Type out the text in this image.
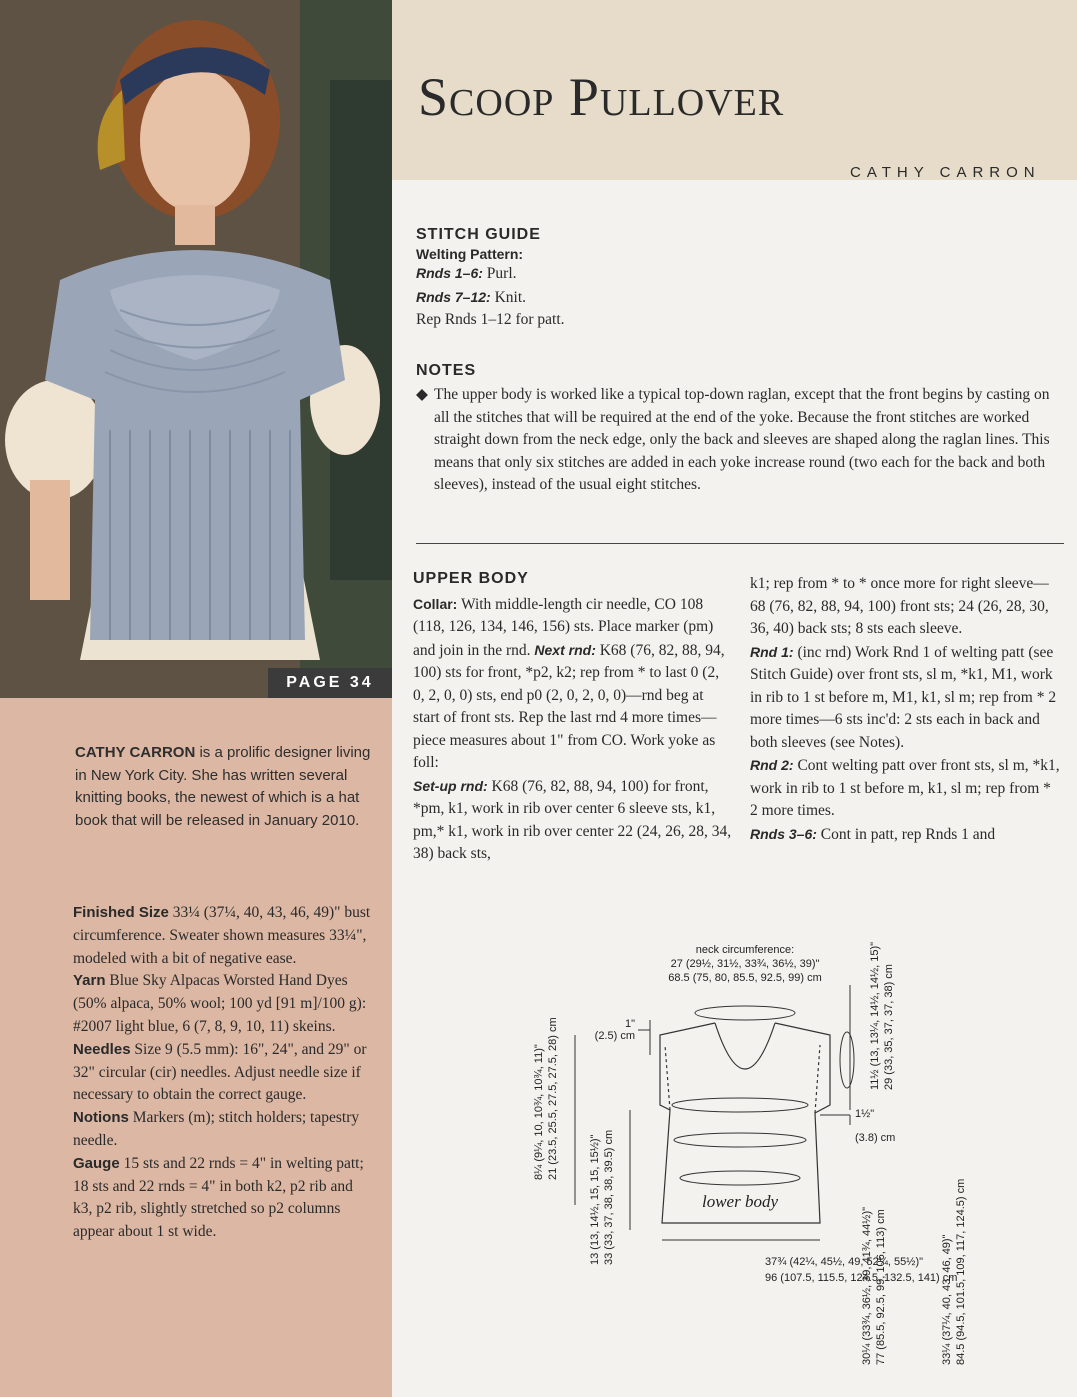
PAGE 34
Scoop Pullover
CATHY CARRON
STITCH GUIDE
Welting Pattern:
Rnds 1–6: Purl.
Rnds 7–12: Knit.
Rep Rnds 1–12 for patt.
NOTES
◆ The upper body is worked like a typical top-down raglan, except that the front begins by casting on all the stitches that will be required at the end of the yoke. Because the front stitches are worked straight down from the neck edge, only the back and sleeves are shaped along the raglan lines. This means that only six stitches are added in each yoke increase round (two each for the back and both sleeves), instead of the usual eight stitches.
UPPER BODY
Collar: With middle-length cir needle, CO 108 (118, 126, 134, 146, 156) sts. Place marker (pm) and join in the rnd. Next rnd: K68 (76, 82, 88, 94, 100) sts for front, *p2, k2; rep from * to last 0 (2, 0, 2, 0, 0) sts, end p0 (2, 0, 2, 0, 0)—rnd beg at start of front sts. Rep the last rnd 4 more times—piece measures about 1" from CO. Work yoke as foll:
Set-up rnd: K68 (76, 82, 88, 94, 100) for front, *pm, k1, work in rib over center 6 sleeve sts, k1, pm,* k1, work in rib over center 22 (24, 26, 28, 34, 38) back sts,
k1; rep from * to * once more for right sleeve—68 (76, 82, 88, 94, 100) front sts; 24 (26, 28, 30, 36, 40) back sts; 8 sts each sleeve.
Rnd 1: (inc rnd) Work Rnd 1 of welting patt (see Stitch Guide) over front sts, sl m, *k1, M1, work in rib to 1 st before m, M1, k1, sl m; rep from * 2 more times—6 sts inc'd: 2 sts each in back and both sleeves (see Notes).
Rnd 2: Cont welting patt over front sts, sl m, *k1, work in rib to 1 st before m, k1, sl m; rep from * 2 more times.
Rnds 3–6: Cont in patt, rep Rnds 1 and
CATHY CARRON is a prolific designer living in New York City. She has written several knitting books, the newest of which is a hat book that will be released in January 2010.
Finished Size 33¼ (37¼, 40, 43, 46, 49)" bust circumference. Sweater shown measures 33¼", modeled with a bit of negative ease.
Yarn Blue Sky Alpacas Worsted Hand Dyes (50% alpaca, 50% wool; 100 yd [91 m]/100 g): #2007 light blue, 6 (7, 8, 9, 10, 11) skeins.
Needles Size 9 (5.5 mm): 16", 24", and 29" or 32" circular (cir) needles. Adjust needle size if necessary to obtain the correct gauge.
Notions Markers (m); stitch holders; tapestry needle.
Gauge 15 sts and 22 rnds = 4" in welting patt; 18 sts and 22 rnds = 4" in both k2, p2 rib and k3, p2 rib, slightly stretched so p2 columns appear about 1 st wide.
neck circumference:
27 (29½, 31½, 33¾, 36½, 39)"
68.5 (75, 80, 85.5, 92.5, 99) cm
1"
(2.5) cm
1½"
(3.8) cm
37¾ (42¼, 45½, 49, 52¼, 55½)"
96 (107.5, 115.5, 124.5, 132.5, 141) cm
lower body
11½ (13, 13¼, 14½, 14½, 15)" 29 (33, 35, 37, 37, 38) cm
8¼ (9¼, 10, 10¾, 10¾, 11)" 21 (23.5, 25.5, 27.5, 27.5, 28) cm
13 (13, 14½, 15, 15, 15½)" 33 (33, 37, 38, 38, 39.5) cm
30¼ (33¾, 36½, 39, 41¾, 44½)" 77 (85.5, 92.5, 99, 106, 113) cm	33¼ (37¼, 40, 43, 46, 49)" 84.5 (94.5, 101.5, 109, 117, 124.5) cm
